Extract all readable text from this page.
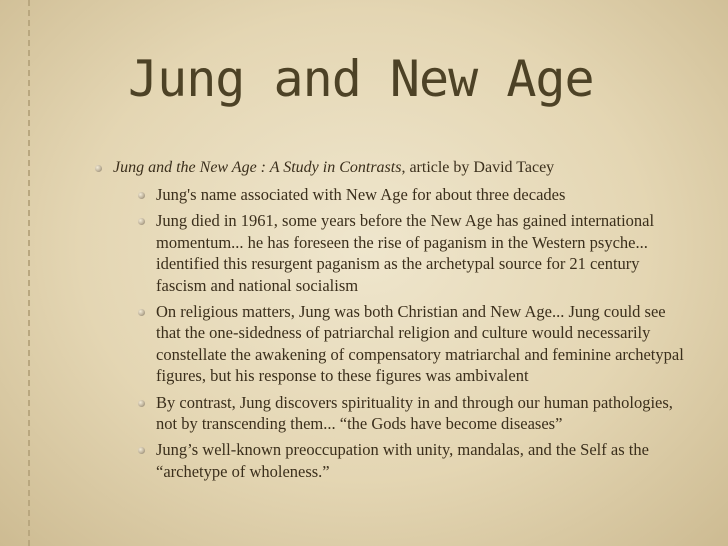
Jung and New Age
Jung and the New Age : A Study in Contrasts, article by David Tacey
Jung's name associated with New Age for about three decades
Jung died in 1961, some years before the New Age has gained international momentum... he has foreseen the rise of paganism in the Western psyche... identified this resurgent paganism as the archetypal source for 21 century fascism and national socialism
On religious matters, Jung was both Christian and New Age... Jung could see that the one-sidedness of patriarchal religion and culture would necessarily constellate the awakening of compensatory matriarchal and feminine archetypal figures, but his response to these figures was ambivalent
By contrast, Jung discovers spirituality in and through our human pathologies, not by transcending them... “the Gods have become diseases”
Jung’s well-known preoccupation with unity, mandalas, and the Self as the “archetype of wholeness.”
